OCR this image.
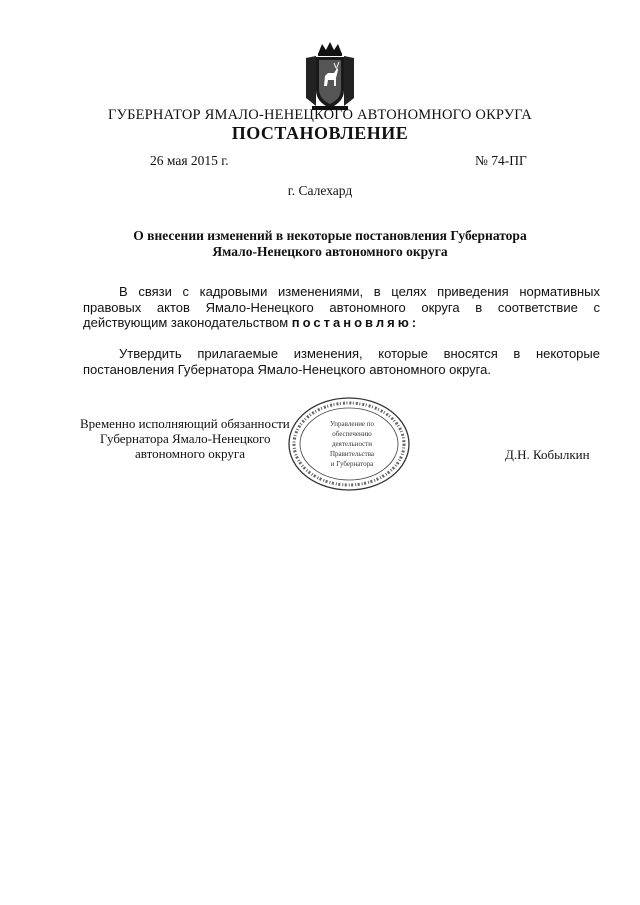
ГУБЕРНАТОР ЯМАЛО-НЕНЕЦКОГО АВТОНОМНОГО ОКРУГА
ПОСТАНОВЛЕНИЕ
26 мая 2015 г.	№ 74-ПГ
г. Салехард
О внесении изменений в некоторые постановления Губернатора
Ямало-Ненецкого автономного округа
В связи с кадровыми изменениями, в целях приведения нормативных правовых актов Ямало-Ненецкого автономного округа в соответствие с действующим законодательством постановляю:
Утвердить прилагаемые изменения, которые вносятся в некоторые постановления Губернатора Ямало-Ненецкого автономного округа.
Временно исполняющий обязанности
Губернатора Ямало-Ненецкого
автономного округа	Д.Н. Кобылкин
Управление по
обеспечению
деятельности
Правительства
и Губернатора
